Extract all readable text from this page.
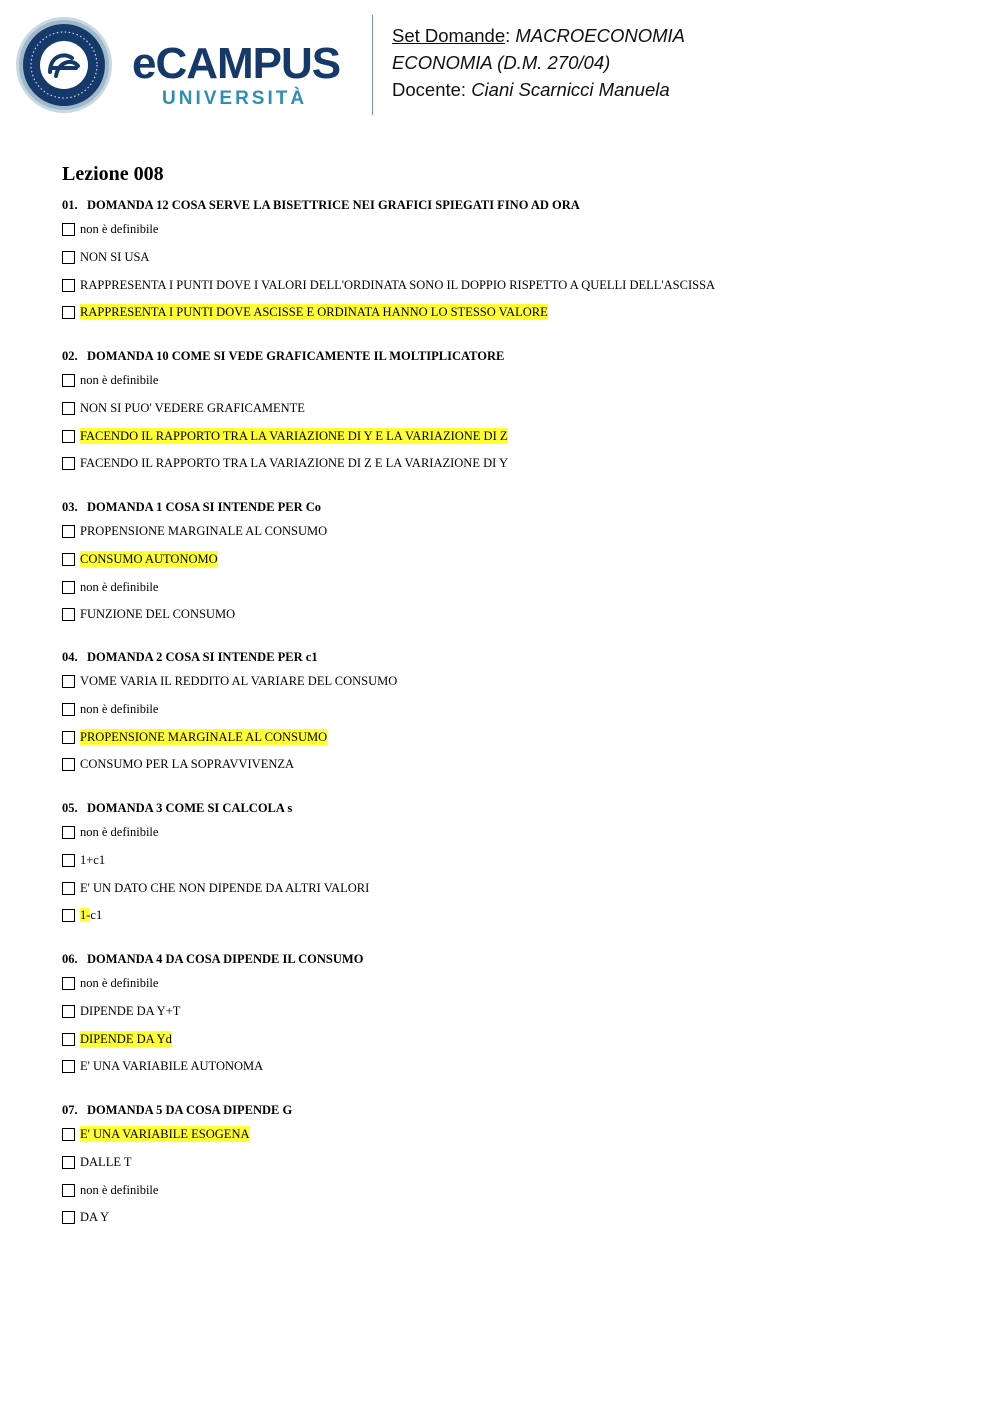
eCAMPUS
UNIVERSITÀ
Set Domande: MACROECONOMIA
ECONOMIA (D.M. 270/04)
Docente: Ciani Scarnicci Manuela
Lezione 008
01. DOMANDA 12 COSA SERVE LA BISETTRICE NEI GRAFICI SPIEGATI FINO AD ORA
non è definibile
NON SI USA
RAPPRESENTA I PUNTI DOVE I VALORI DELL'ORDINATA SONO IL DOPPIO RISPETTO A QUELLI DELL'ASCISSA
RAPPRESENTA I PUNTI DOVE ASCISSE E ORDINATA HANNO LO STESSO VALORE
02. DOMANDA 10 COME SI VEDE GRAFICAMENTE IL MOLTIPLICATORE
non è definibile
NON SI PUO' VEDERE GRAFICAMENTE
FACENDO IL RAPPORTO TRA LA VARIAZIONE DI Y E LA VARIAZIONE DI Z
FACENDO IL RAPPORTO TRA LA VARIAZIONE DI Z E LA VARIAZIONE DI Y
03. DOMANDA 1 COSA SI INTENDE PER Co
PROPENSIONE MARGINALE AL CONSUMO
CONSUMO AUTONOMO
non è definibile
FUNZIONE DEL CONSUMO
04. DOMANDA 2 COSA SI INTENDE PER c1
VOME VARIA IL REDDITO AL VARIARE DEL CONSUMO
non è definibile
PROPENSIONE MARGINALE AL CONSUMO
CONSUMO PER LA SOPRAVVIVENZA
05. DOMANDA 3 COME SI CALCOLA s
non è definibile
1+c1
E' UN DATO CHE NON DIPENDE DA ALTRI VALORI
1-c1
06. DOMANDA 4 DA COSA DIPENDE IL CONSUMO
non è definibile
DIPENDE DA Y+T
DIPENDE DA Yd
E' UNA VARIABILE AUTONOMA
07. DOMANDA 5 DA COSA DIPENDE G
E' UNA VARIABILE ESOGENA
DALLE T
non è definibile
DA Y
